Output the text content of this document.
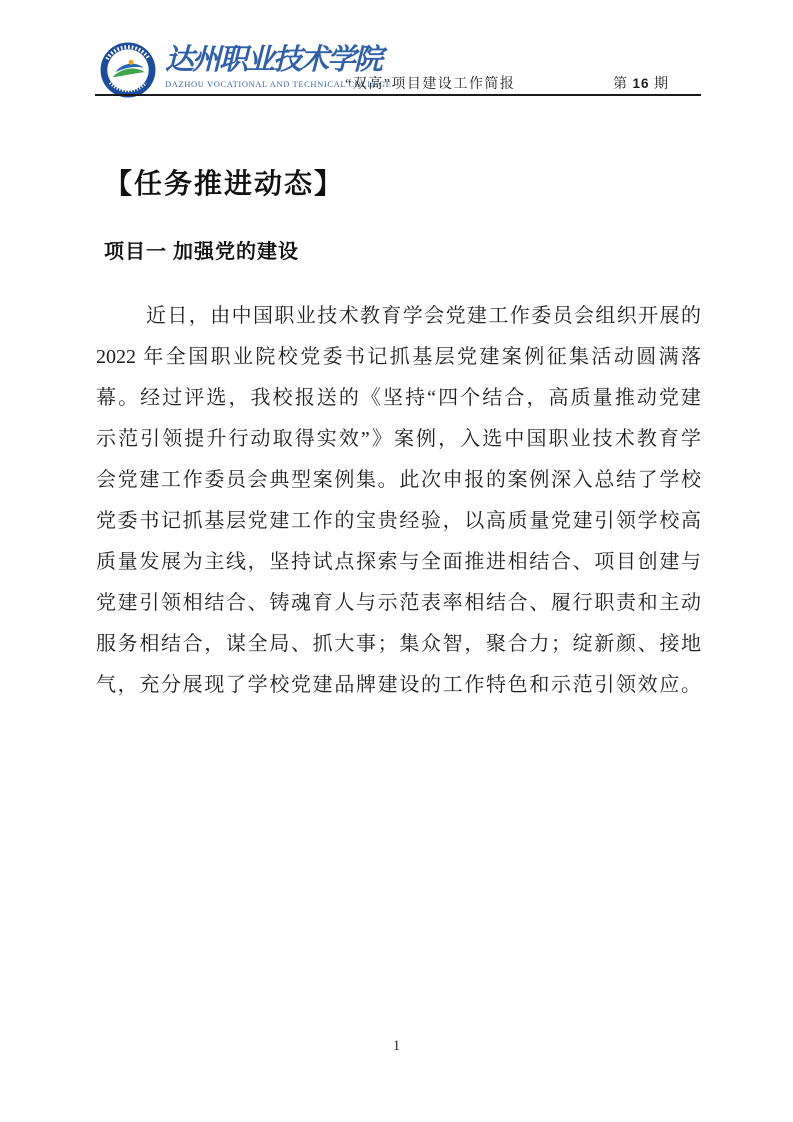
达州职业技术学院
DAZHOU VOCATIONAL AND TECHNICAL COLLEGE
“双高”项目建设工作简报	第 16 期
【任务推进动态】
项目一 加强党的建设
近日，由中国职业技术教育学会党建工作委员会组织开展的
2022 年全国职业院校党委书记抓基层党建案例征集活动圆满落
幕。经过评选，我校报送的《坚持“四个结合，高质量推动党建
示范引领提升行动取得实效”》案例，入选中国职业技术教育学
会党建工作委员会典型案例集。此次申报的案例深入总结了学校
党委书记抓基层党建工作的宝贵经验，以高质量党建引领学校高
质量发展为主线，坚持试点探索与全面推进相结合、项目创建与
党建引领相结合、铸魂育人与示范表率相结合、履行职责和主动
服务相结合，谋全局、抓大事；集众智，聚合力；绽新颜、接地
气，充分展现了学校党建品牌建设的工作特色和示范引领效应。
1
